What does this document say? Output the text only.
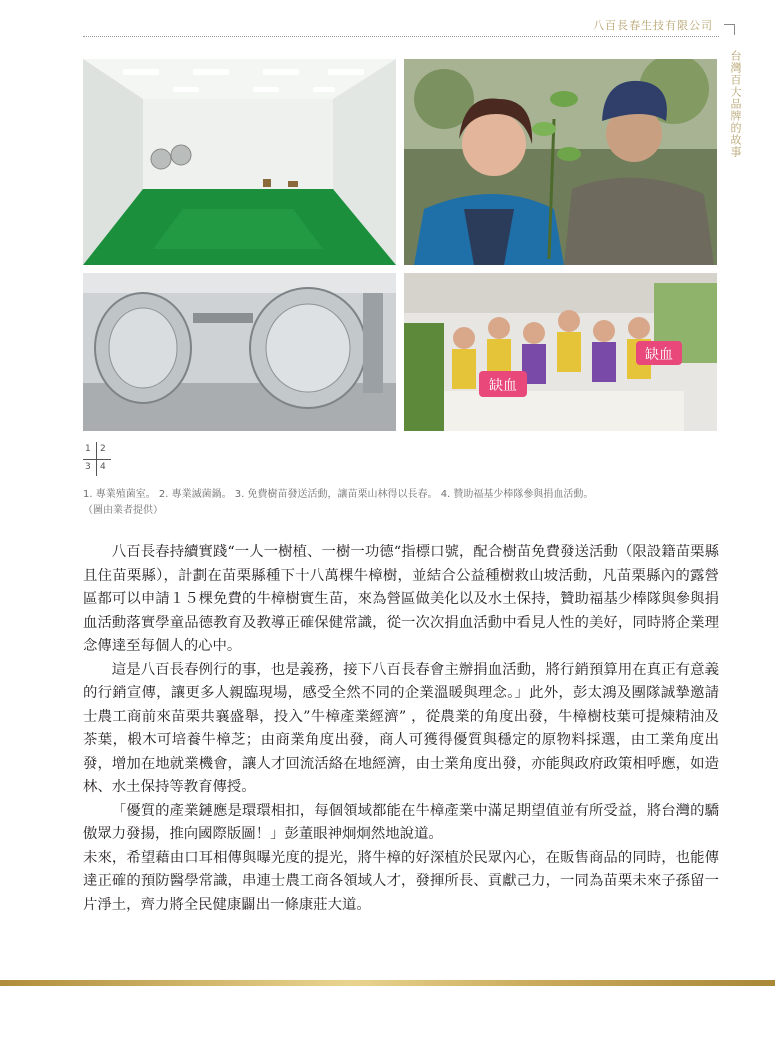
八百長春生技有限公司
台灣百大品牌的故事
缺血
缺血
1 2
3 4
1. 專業殖菌室。 2. 專業滅菌鍋。 3. 免費樹苗發送活動，讓苗栗山林得以長春。 4. 贊助福基少棒隊參與捐血活動。
（圖由業者提供）

八百長春持續實踐“一人一樹植、一樹一功德“指標口號，配合樹苗免費發送活動（限設籍苗栗縣且住苗栗縣），計劃在苗栗縣種下十八萬棵牛樟樹，並結合公益種樹救山坡活動，凡苗栗縣內的露營區都可以申請１５棵免費的牛樟樹實生苗，來為營區做美化以及水土保持，贊助福基少棒隊與參與捐血活動落實學童品德教育及教導正確保健常識，從一次次捐血活動中看見人性的美好，同時將企業理念傳達至每個人的心中。

這是八百長春例行的事，也是義務，接下八百長春會主辦捐血活動，將行銷預算用在真正有意義的行銷宣傳，讓更多人親臨現場，感受全然不同的企業溫暖與理念。」此外，彭太鴻及團隊誠摯邀請士農工商前來苗栗共襄盛舉，投入”牛樟產業經濟” ，從農業的角度出發，牛樟樹枝葉可提煉精油及茶葉，椴木可培養牛樟芝；由商業角度出發，商人可獲得優質與穩定的原物料採選，由工業角度出發，增加在地就業機會，讓人才回流活絡在地經濟，由士業角度出發，亦能與政府政策相呼應，如造林、水土保持等教育傳授。

「優質的產業鏈應是環環相扣，每個領域都能在牛樟產業中滿足期望值並有所受益，將台灣的驕傲眾力發揚，推向國際版圖！」彭董眼神炯炯然地說道。

未來，希望藉由口耳相傳與曝光度的提光，將牛樟的好深植於民眾內心，在販售商品的同時，也能傳達正確的預防醫學常識，串連士農工商各領域人才，發揮所長、貢獻己力，一同為苗栗未來子孫留一片淨土，齊力將全民健康闢出一條康莊大道。
